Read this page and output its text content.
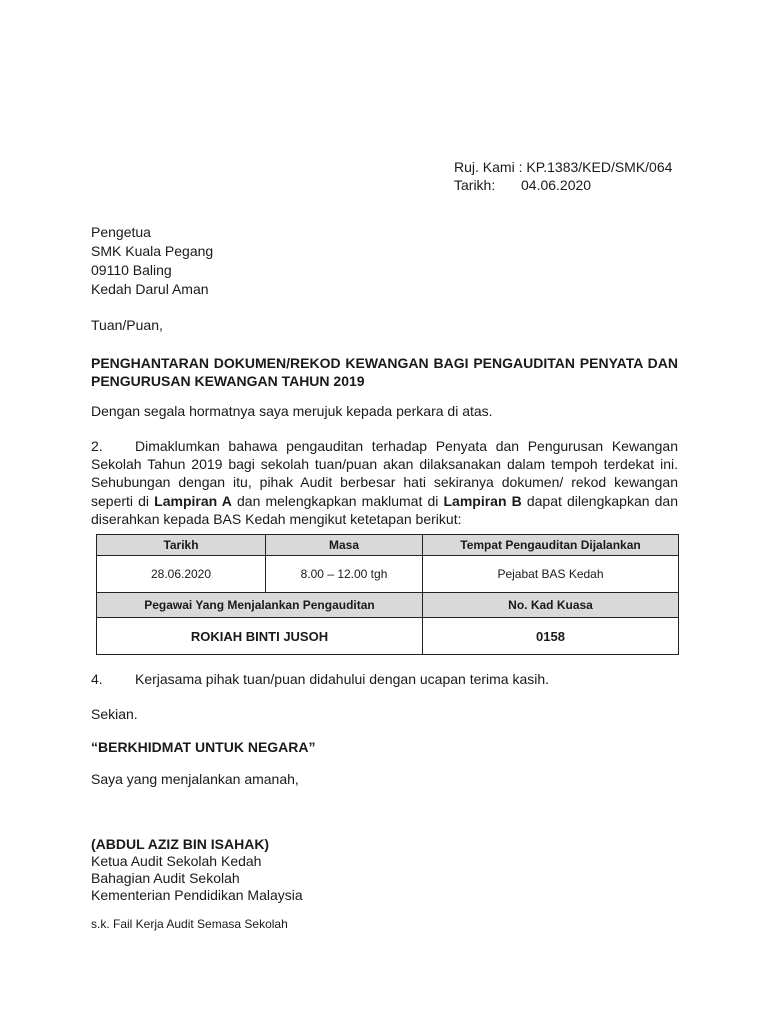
Ruj. Kami : KP.1383/KED/SMK/064
Tarikh:	04.06.2020
Pengetua
SMK Kuala Pegang
09110 Baling
Kedah Darul Aman
Tuan/Puan,
PENGHANTARAN DOKUMEN/REKOD KEWANGAN BAGI PENGAUDITAN PENYATA DAN PENGURUSAN KEWANGAN TAHUN 2019
Dengan segala hormatnya saya merujuk kepada perkara di atas.
2. Dimaklumkan bahawa pengauditan terhadap Penyata dan Pengurusan Kewangan Sekolah Tahun 2019 bagi sekolah tuan/puan akan dilaksanakan dalam tempoh terdekat ini. Sehubungan dengan itu, pihak Audit berbesar hati sekiranya dokumen/ rekod kewangan seperti di Lampiran A dan melengkapkan maklumat di Lampiran B dapat dilengkapkan dan diserahkan kepada BAS Kedah mengikut ketetapan berikut:
Tarikh	Masa	Tempat Pengauditan Dijalankan
28.06.2020	8.00 – 12.00 tgh	Pejabat BAS Kedah
Pegawai Yang Menjalankan Pengauditan		No. Kad Kuasa
ROKIAH BINTI JUSOH		0158
4. Kerjasama pihak tuan/puan didahului dengan ucapan terima kasih.
Sekian.
“BERKHIDMAT UNTUK NEGARA”
Saya yang menjalankan amanah,
(ABDUL AZIZ BIN ISAHAK)
Ketua Audit Sekolah Kedah
Bahagian Audit Sekolah
Kementerian Pendidikan Malaysia
s.k. Fail Kerja Audit Semasa Sekolah
